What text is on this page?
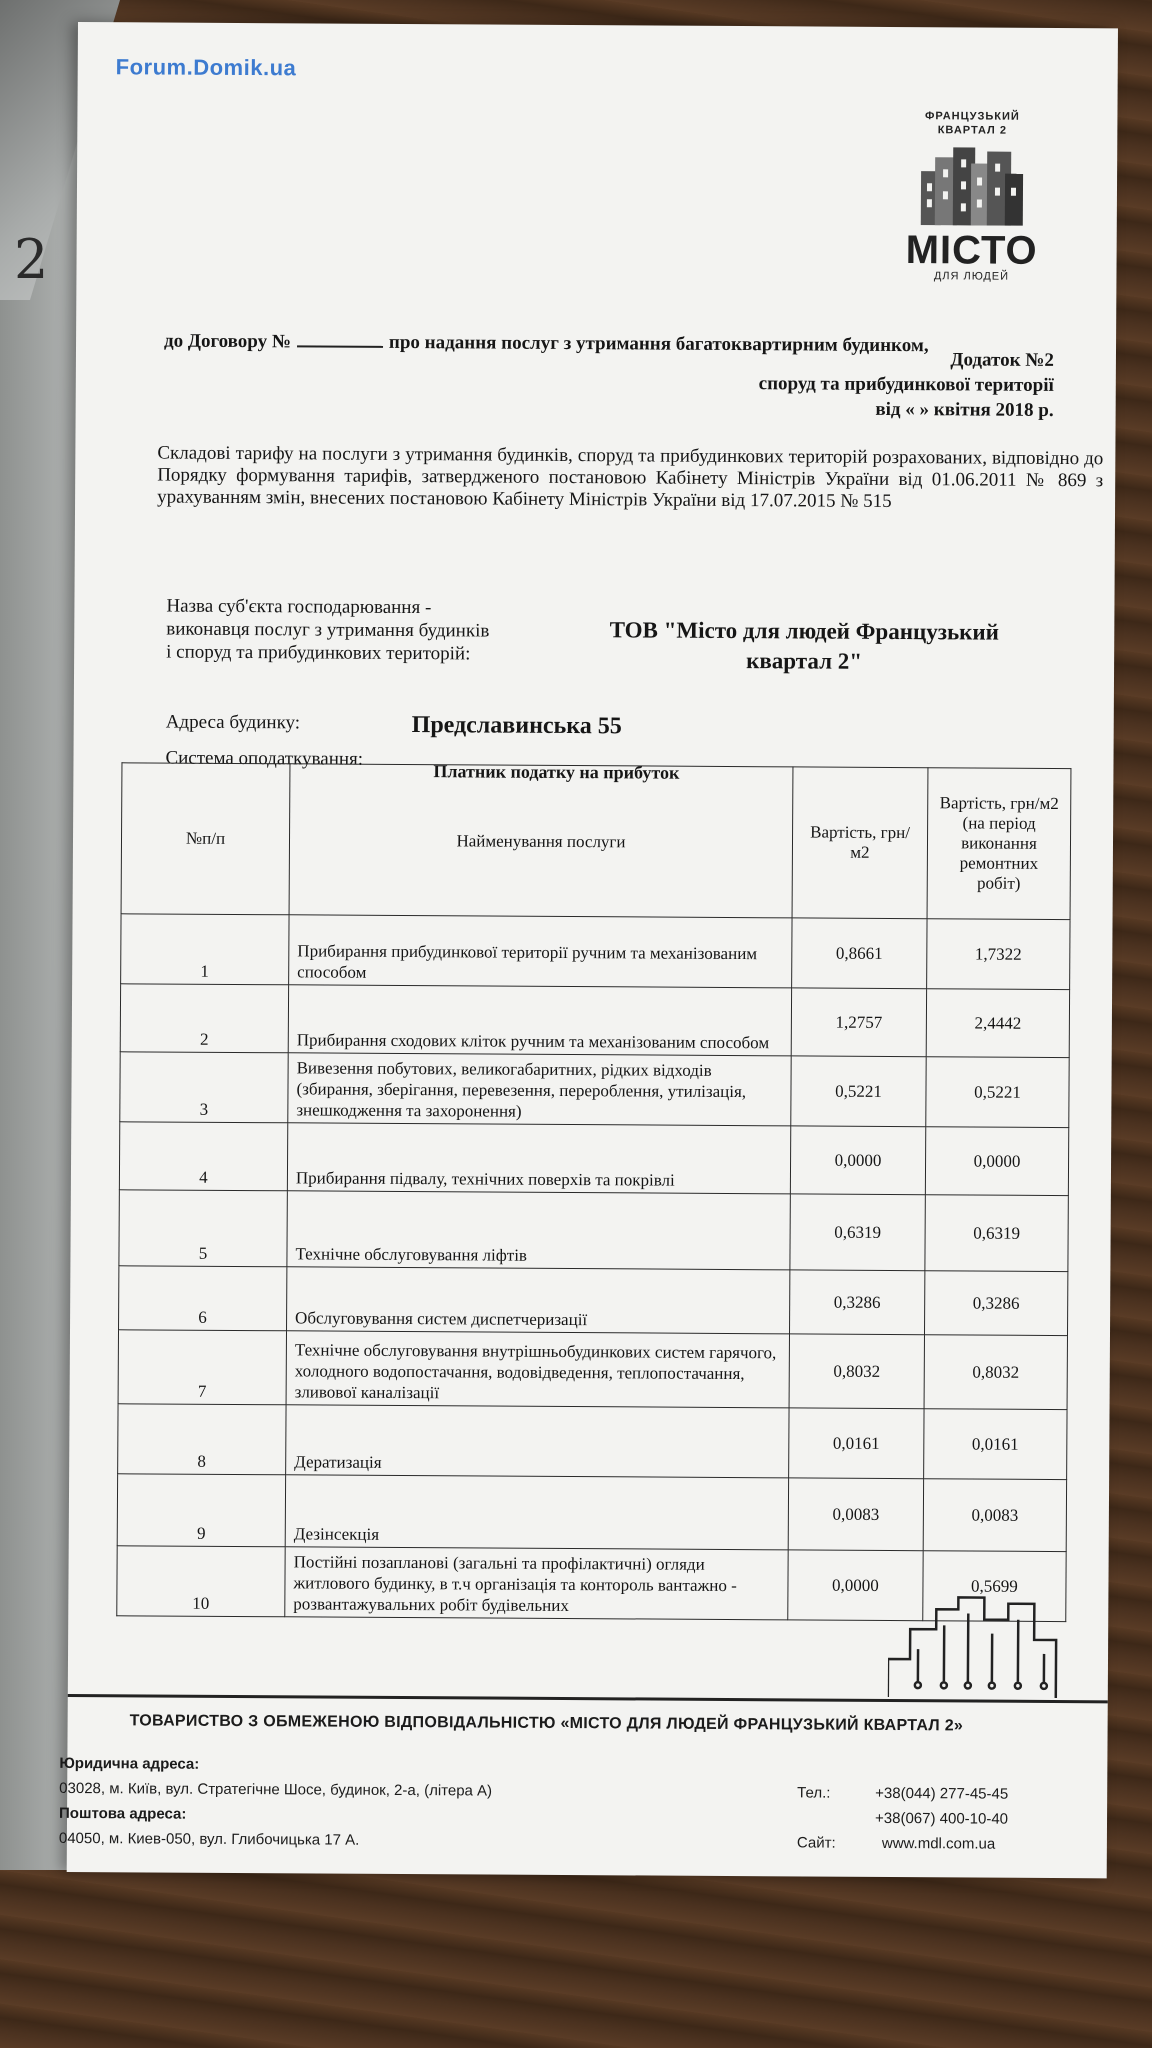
2
Forum.Domik.ua
ФРАНЦУЗЬКИЙ
КВАРТАЛ 2
МІСТО
ДЛЯ ЛЮДЕЙ
до Договору №	про надання послуг з утримання багатоквартирним будинком,
Додаток №2
споруд та прибудинкової території
від « » квітня 2018 р.
Складові тарифу на послуги з утримання будинків, споруд та прибудинкових територій розрахованих, відповідно до Порядку формування тарифів, затвердженого постановою Кабінету Міністрів України від 01.06.2011 № 869 з урахуванням змін, внесених постановою Кабінету Міністрів України від 17.07.2015 № 515
Назва суб'єкта господарювання - виконавця послуг з утримання будинків і споруд та прибудинкових територій:
ТОВ "Місто для людей Французький квартал 2"
Адреса будинку:	Предславинська 55
Система оподаткування:
Платник податку на прибуток
№п/п	Найменування послуги	Вартість, грн/м2	Вартість, грн/м2 (на період виконання ремонтних робіт)
1	Прибирання прибудинкової території ручним та механізованим способом	0,8661	1,7322
2	Прибирання сходових кліток ручним та механізованим способом	1,2757	2,4442
3	Вивезення побутових, великогабаритних, рідких відходів (збирання, зберігання, перевезення, перероблення, утилізація, знешкодження та захоронення)	0,5221	0,5221
4	Прибирання підвалу, технічних поверхів та покрівлі	0,0000	0,0000
5	Технічне обслуговування ліфтів	0,6319	0,6319
6	Обслуговування систем диспетчеризації	0,3286	0,3286
7	Технічне обслуговування внутрішньобудинкових систем гарячого, холодного водопостачання, водовідведення, теплопостачання, зливової каналізації	0,8032	0,8032
8	Дератизація	0,0161	0,0161
9	Дезінсекція	0,0083	0,0083
10	Постійні позапланові (загальні та профілактичні) огляди житлового будинку, в т.ч організація та контороль вантажно - розвантажувальних робіт будівельних	0,0000	0,5699
ТОВАРИСТВО З ОБМЕЖЕНОЮ ВІДПОВІДАЛЬНІСТЮ «МІСТО ДЛЯ ЛЮДЕЙ ФРАНЦУЗЬКИЙ КВАРТАЛ 2»
Юридична адреса:
03028, м. Київ, вул. Стратегічне Шосе, будинок, 2-а, (літера А)
Поштова адреса:
04050, м. Киев-050, вул. Глибочицька 17 А.
Тел.:	+38(044) 277-45-45
+38(067) 400-10-40
Сайт:	www.mdl.com.ua
